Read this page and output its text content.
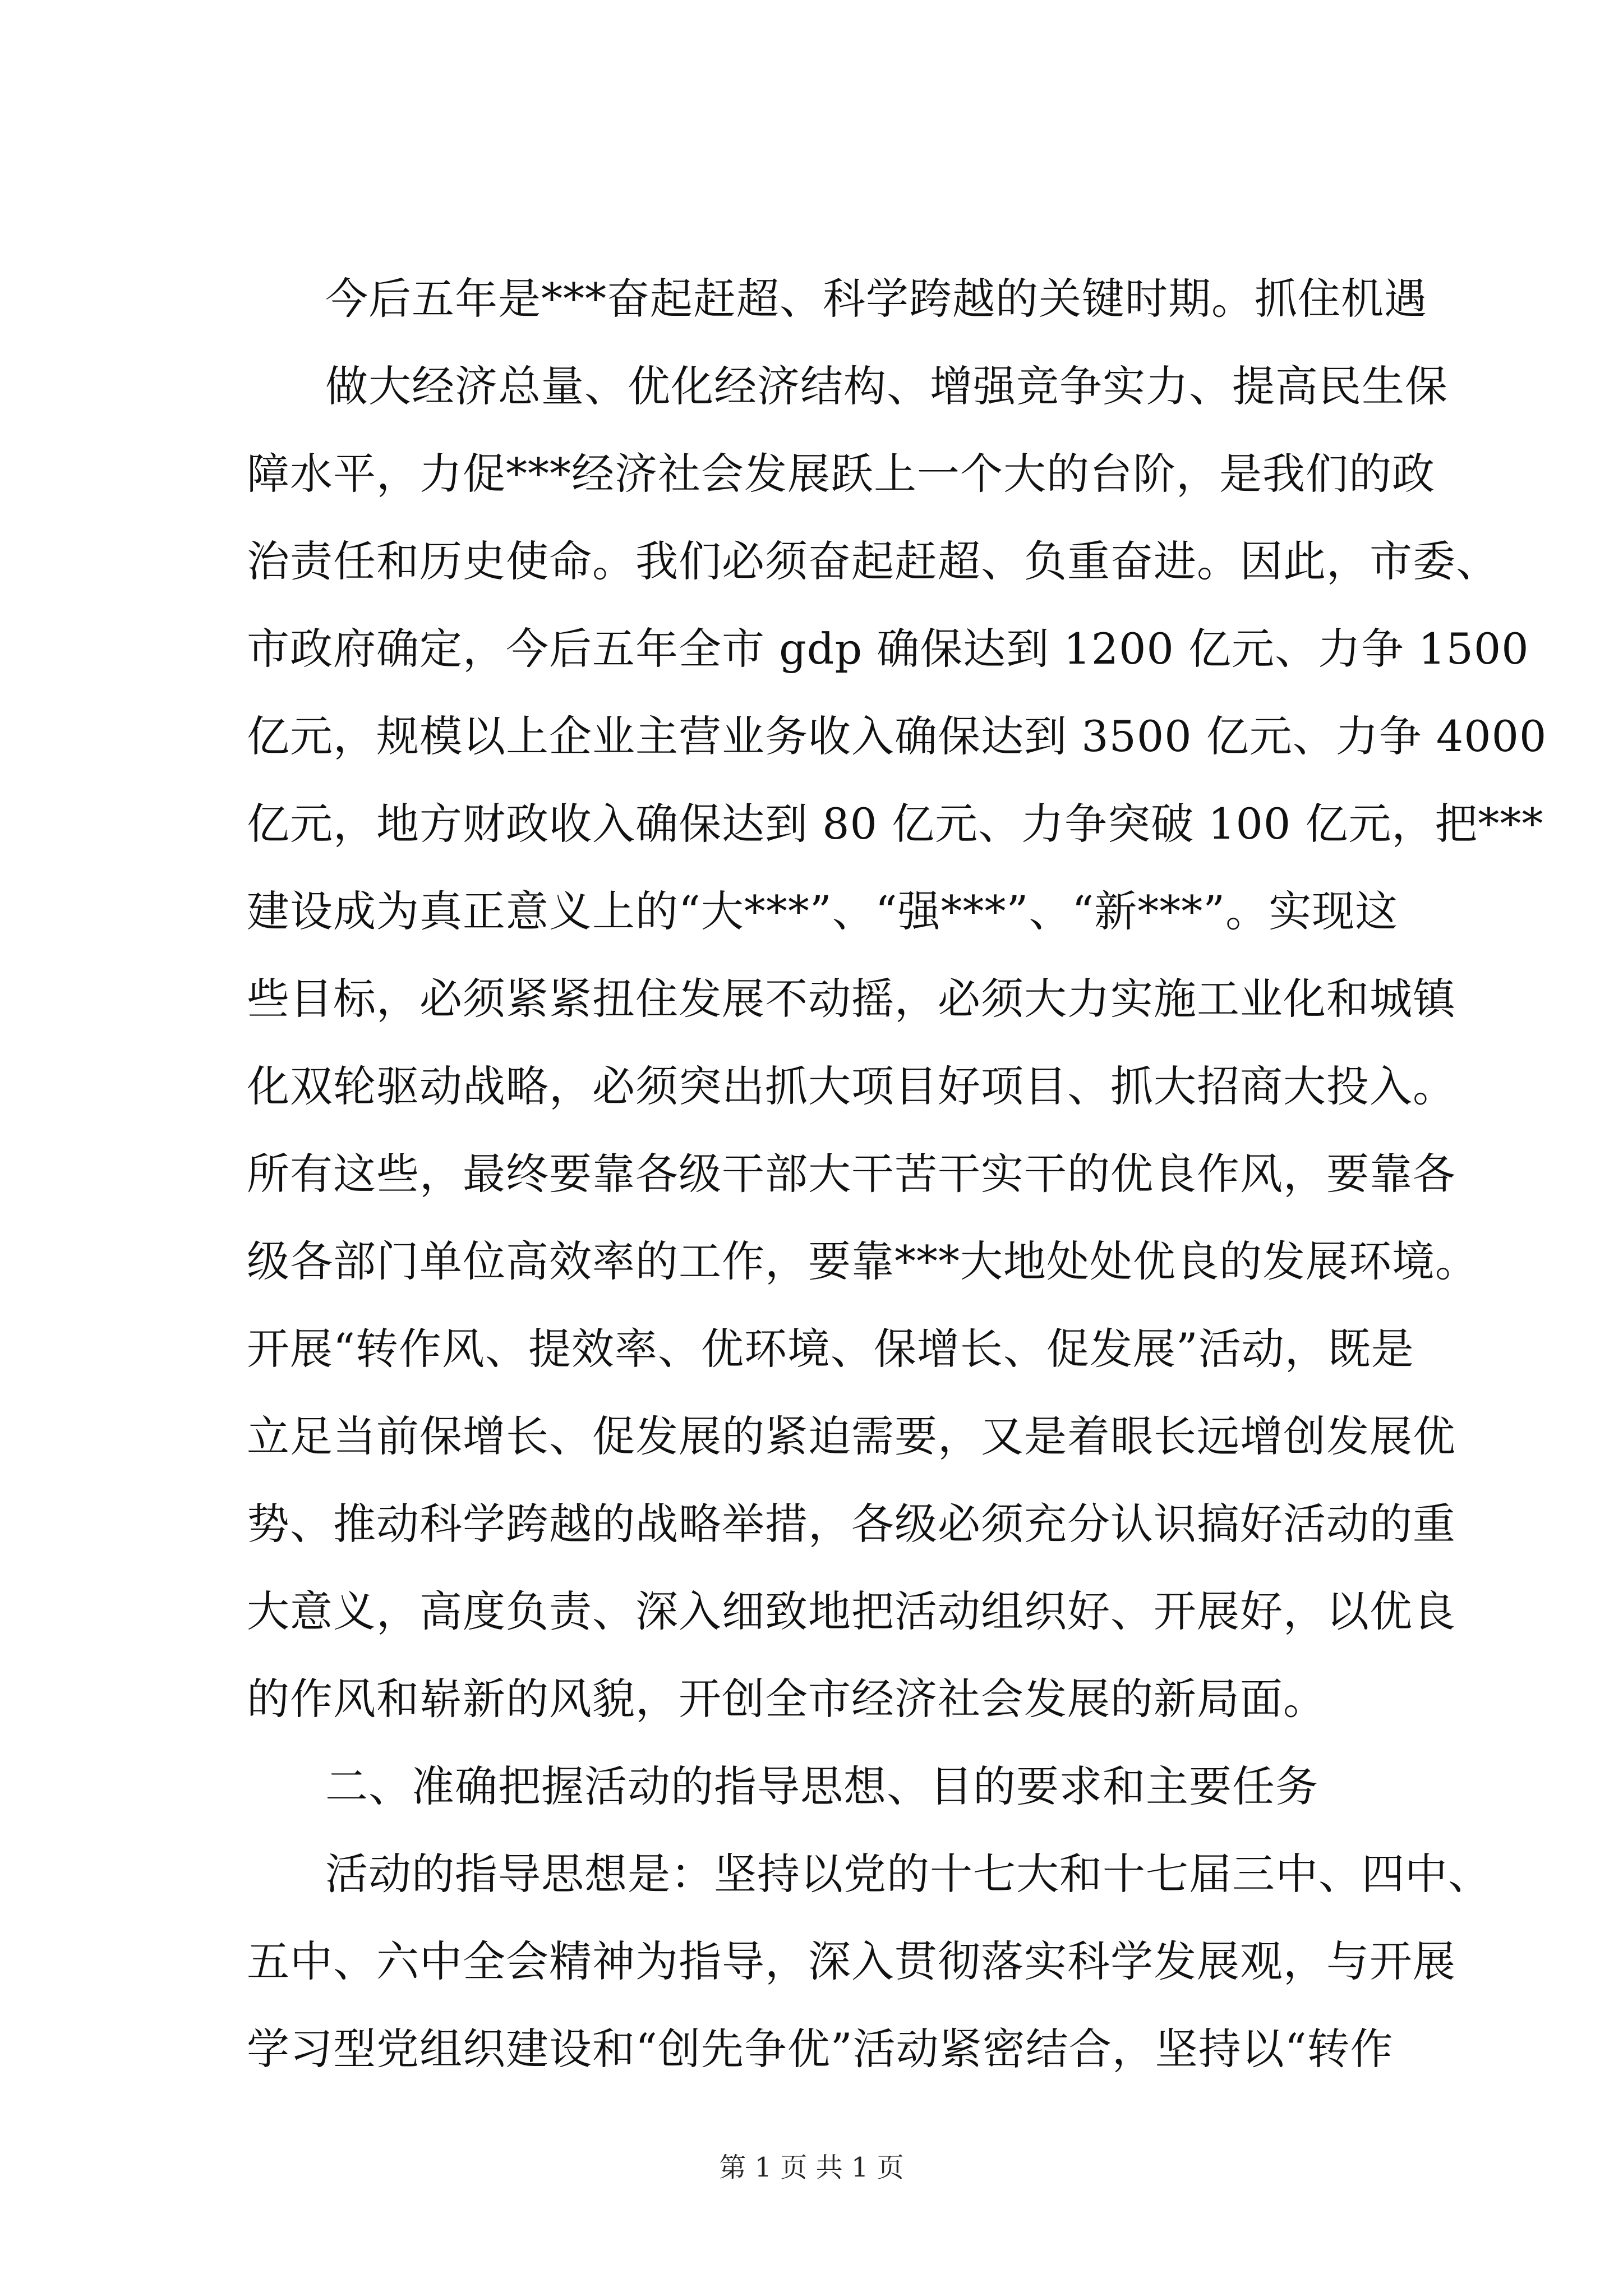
今后五年是***奋起赶超、科学跨越的关键时期。抓住机遇
做大经济总量、优化经济结构、增强竞争实力、提高民生保
障水平，力促***经济社会发展跃上一个大的台阶，是我们的政
治责任和历史使命。我们必须奋起赶超、负重奋进。因此，市委、
市政府确定，今后五年全市 gdp 确保达到 1200 亿元、力争 1500
亿元，规模以上企业主营业务收入确保达到 3500 亿元、力争 4000
亿元，地方财政收入确保达到 80 亿元、力争突破 100 亿元，把***
建设成为真正意义上的“大***”、“强***”、“新***”。实现这
些目标，必须紧紧扭住发展不动摇，必须大力实施工业化和城镇
化双轮驱动战略，必须突出抓大项目好项目、抓大招商大投入。
所有这些，最终要靠各级干部大干苦干实干的优良作风，要靠各
级各部门单位高效率的工作，要靠***大地处处优良的发展环境。
开展“转作风、提效率、优环境、保增长、促发展”活动，既是
立足当前保增长、促发展的紧迫需要，又是着眼长远增创发展优
势、推动科学跨越的战略举措，各级必须充分认识搞好活动的重
大意义，高度负责、深入细致地把活动组织好、开展好，以优良
的作风和崭新的风貌，开创全市经济社会发展的新局面。
二、准确把握活动的指导思想、目的要求和主要任务
活动的指导思想是：坚持以党的十七大和十七届三中、四中、
五中、六中全会精神为指导，深入贯彻落实科学发展观，与开展
学习型党组织建设和“创先争优”活动紧密结合，坚持以“转作
第 1 页 共 1 页
